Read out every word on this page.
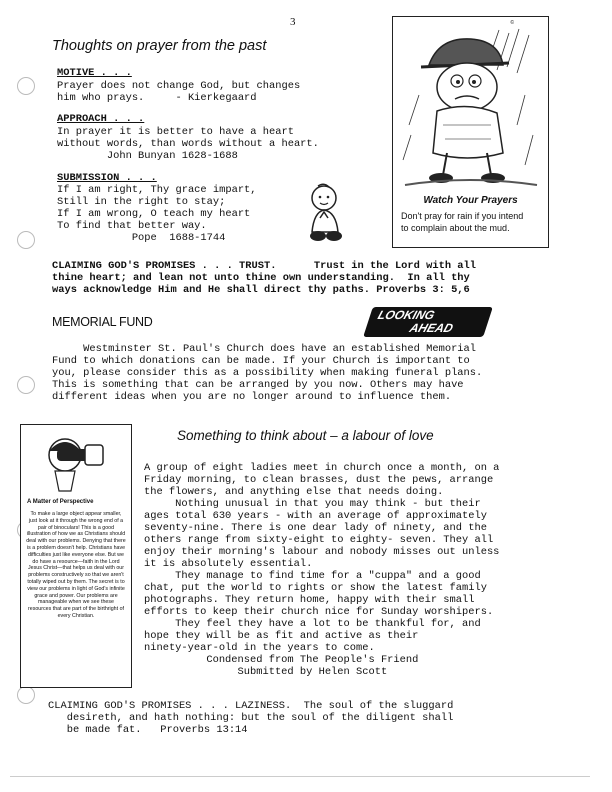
3
Thoughts on prayer from the past
MOTIVE . . .
Prayer does not change God, but changes
him who prays.     - Kierkegaard
APPROACH . . .
In prayer it is better to have a heart
without words, than words without a heart.
John Bunyan 1628-1688
SUBMISSION . . .
If I am right, Thy grace impart,
Still in the right to stay;
If I am wrong, O teach my heart
To find that better way.
Pope  1688-1744
©
Watch Your Prayers
Don't pray for rain if you intend
to complain about the mud.
CLAIMING GOD'S PROMISES . . . TRUST.      Trust in the Lord with all
thine heart; and lean not unto thine own understanding.  In all thy
ways acknowledge Him and He shall direct thy paths. Proverbs 3: 5,6
MEMORIAL FUND	LOOKING
AHEAD
Westminster St. Paul's Church does have an established Memorial
Fund to which donations can be made. If your Church is important to
you, please consider this as a possibility when making funeral plans.
This is something that can be arranged by you now. Others may have
different ideas when you are no longer around to influence them.
A Matter of Perspective
To make a large object appear smaller, just look at it through the wrong end of a pair of binoculars! This is a good illustration of how we as Christians should deal with our problems. Denying that there is a problem doesn't help. Christians have difficulties just like everyone else. But we do have a resource—faith in the Lord Jesus Christ—that helps us deal with our problems constructively so that we aren't totally wiped out by them. The secret is to view our problems in light of God's infinite grace and power. Our problems are manageable when we see these resources that are part of the birthright of every Christian.
Something to think about – a labour of love
A group of eight ladies meet in church once a month, on a
Friday morning, to clean brasses, dust the pews, arrange
the flowers, and anything else that needs doing.
Nothing unusual in that you may think - but their
ages total 630 years - with an average of approximately
seventy-nine. There is one dear lady of ninety, and the
others range from sixty-eight to eighty- seven. They all
enjoy their morning's labour and nobody misses out unless
it is absolutely essential.
They manage to find time for a "cuppa" and a good
chat, put the world to rights or show the latest family
photographs. They return home, happy with their small
efforts to keep their church nice for Sunday worshipers.
They feel they have a lot to be thankful for, and
hope they will be as fit and active as their
ninety-year-old in the years to come.
Condensed from The People's Friend
Submitted by Helen Scott
CLAIMING GOD'S PROMISES . . . LAZINESS.  The soul of the sluggard
desireth, and hath nothing: but the soul of the diligent shall
be made fat.   Proverbs 13:14
